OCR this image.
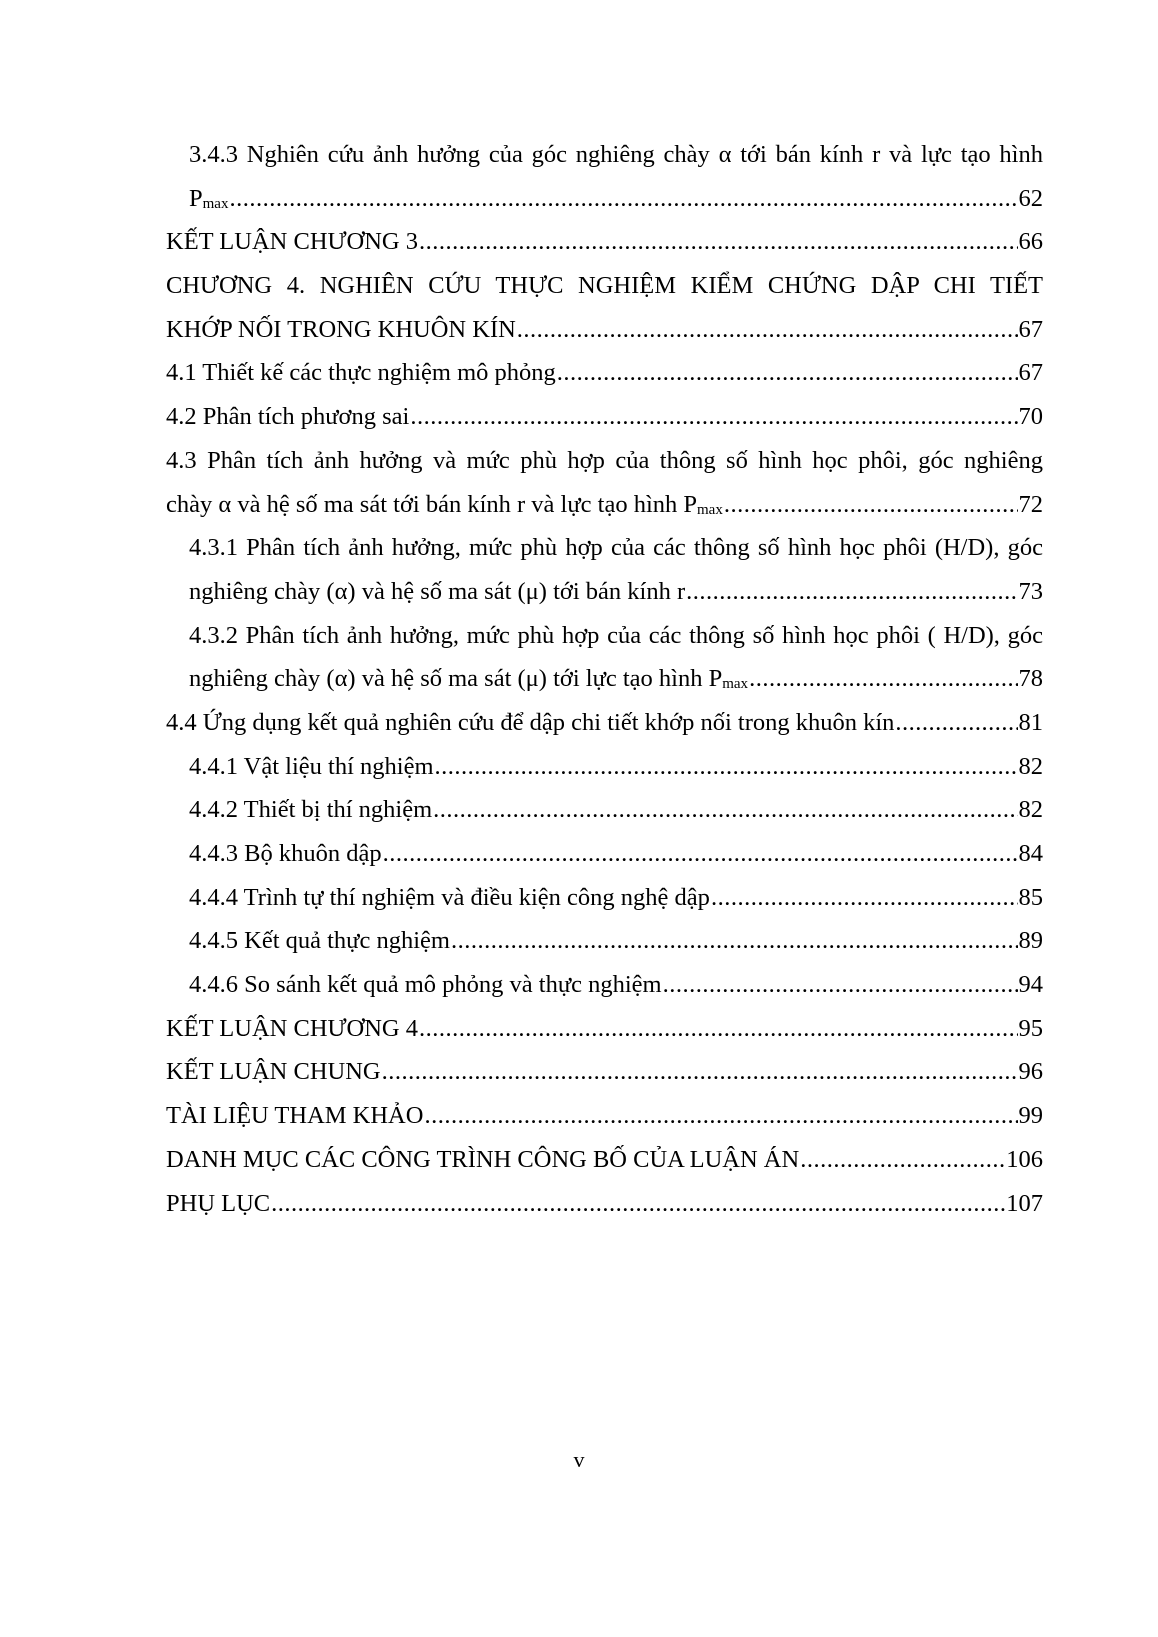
3.4.3 Nghiên cứu ảnh hưởng của góc nghiêng chày α tới bán kính r và lực tạo hình
$P_{max}$ .....	62
KẾT LUẬN CHƯƠNG 3 .....	66
CHƯƠNG 4. NGHIÊN CỨU THỰC NGHIỆM KIỂM CHỨNG DẬP CHI TIẾT
KHỚP NỐI TRONG KHUÔN KÍN .....	67
4.1 Thiết kế các thực nghiệm mô phỏng .....	67
4.2 Phân tích phương sai .....	70
4.3 Phân tích ảnh hưởng và mức phù hợp của thông số hình học phôi, góc nghiêng
chày α và hệ số ma sát tới bán kính r và lực tạo hình $P_{max}$ .....	72
4.3.1 Phân tích ảnh hưởng, mức phù hợp của các thông số hình học phôi (H/D), góc
nghiêng chày (α) và hệ số ma sát (μ) tới bán kính r .....	73
4.3.2 Phân tích ảnh hưởng, mức phù hợp của các thông số hình học phôi ( H/D), góc
nghiêng chày (α) và hệ số ma sát (μ) tới lực tạo hình $P_{max}$ .....	78
4.4 Ứng dụng kết quả nghiên cứu để dập chi tiết khớp nối trong khuôn kín .....	81
4.4.1 Vật liệu thí nghiệm .....	82
4.4.2 Thiết bị thí nghiệm .....	82
4.4.3 Bộ khuôn dập .....	84
4.4.4 Trình tự thí nghiệm và điều kiện công nghệ dập .....	85
4.4.5 Kết quả thực nghiệm .....	89
4.4.6 So sánh kết quả mô phỏng và thực nghiệm .....	94
KẾT LUẬN CHƯƠNG 4 .....	95
KẾT LUẬN CHUNG .....	96
TÀI LIỆU THAM KHẢO .....	99
DANH MỤC CÁC CÔNG TRÌNH CÔNG BỐ CỦA LUẬN ÁN .....	106
PHỤ LỤC .....	107
v
